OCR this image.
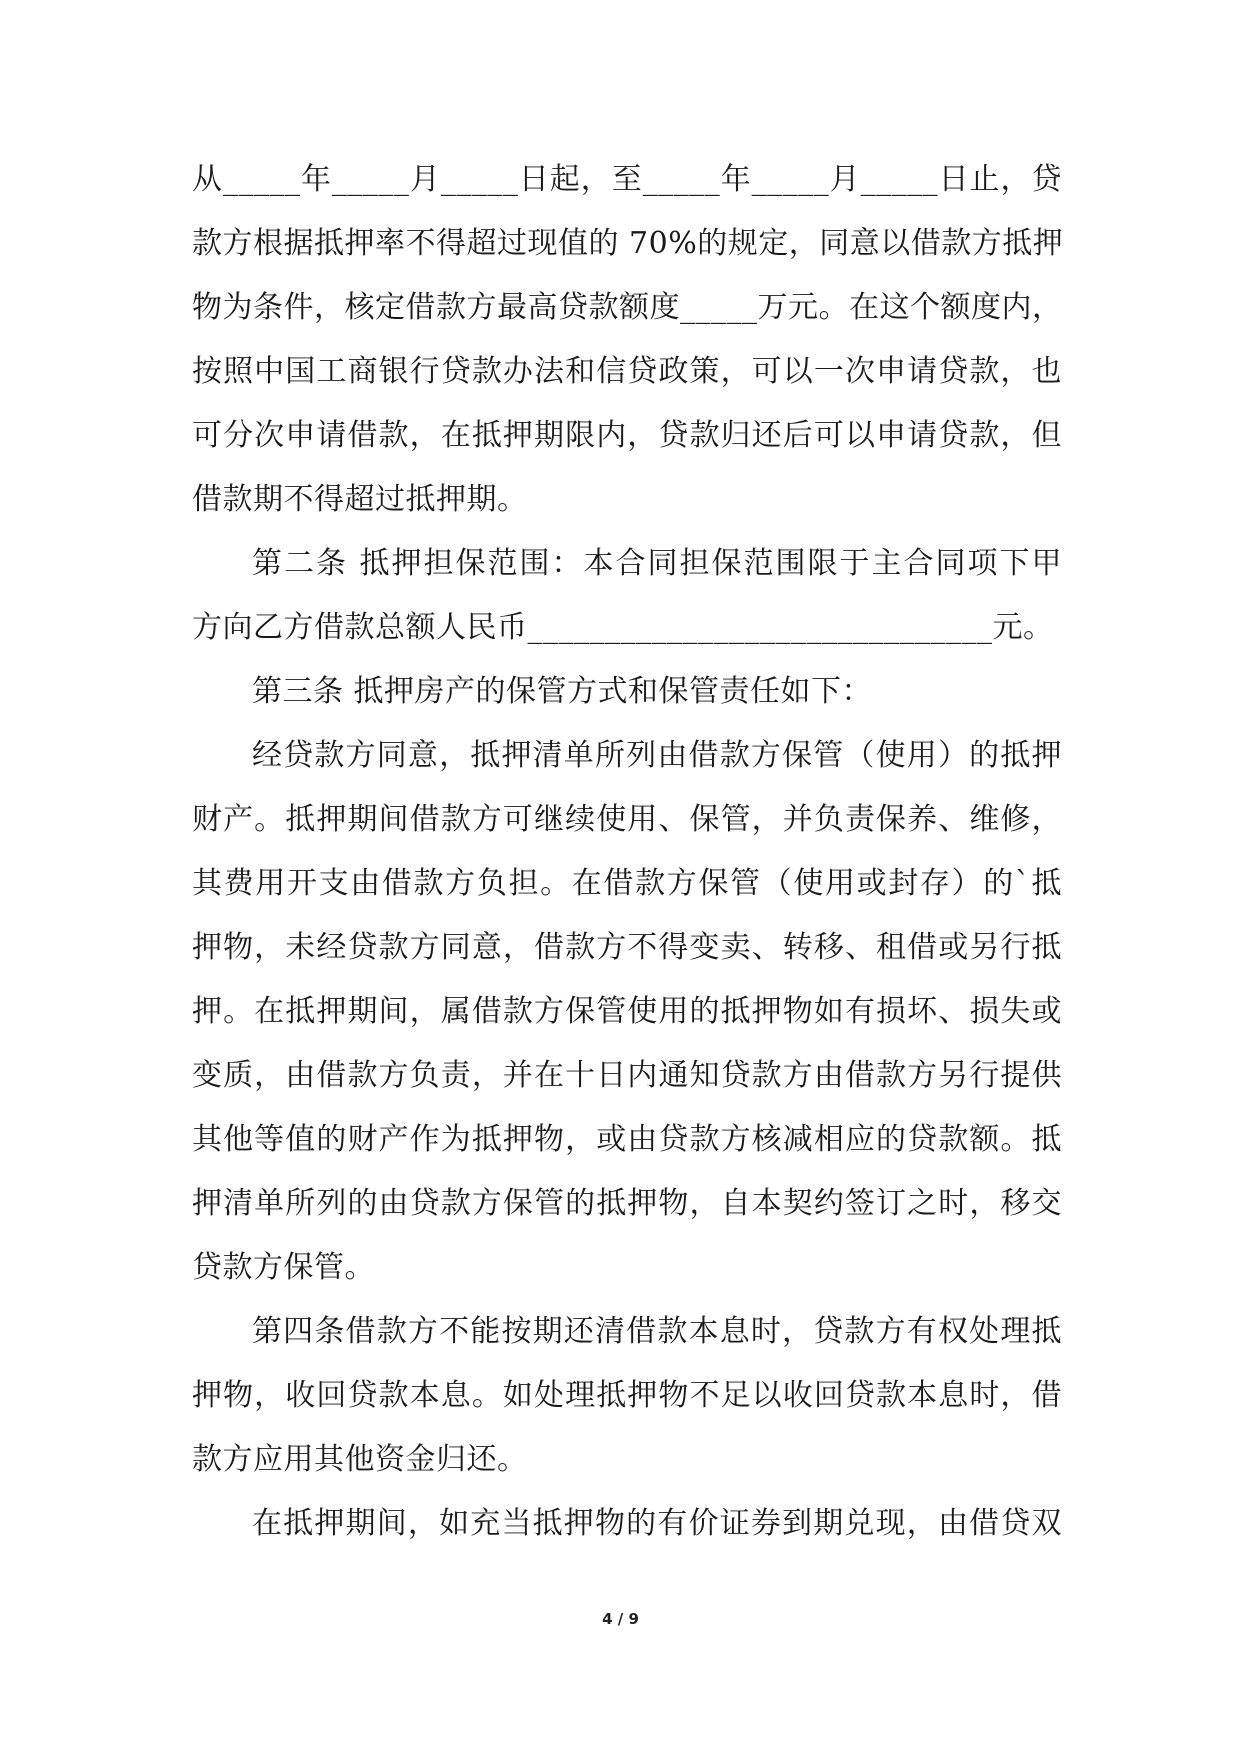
从_____年_____月_____日起，至_____年_____月_____日止，贷
款方根据抵押率不得超过现值的 70%的规定，同意以借款方抵押
物为条件，核定借款方最高贷款额度_____万元。在这个额度内，
按照中国工商银行贷款办法和信贷政策，可以一次申请贷款，也
可分次申请借款，在抵押期限内，贷款归还后可以申请贷款，但
借款期不得超过抵押期。
第二条 抵押担保范围：本合同担保范围限于主合同项下甲
方向乙方借款总额人民币______________________________元。
第三条 抵押房产的保管方式和保管责任如下：
经贷款方同意，抵押清单所列由借款方保管（使用）的抵押
财产。抵押期间借款方可继续使用、保管，并负责保养、维修，
其费用开支由借款方负担。在借款方保管（使用或封存）的`抵
押物，未经贷款方同意，借款方不得变卖、转移、租借或另行抵
押。在抵押期间，属借款方保管使用的抵押物如有损坏、损失或
变质，由借款方负责，并在十日内通知贷款方由借款方另行提供
其他等值的财产作为抵押物，或由贷款方核减相应的贷款额。抵
押清单所列的由贷款方保管的抵押物，自本契约签订之时，移交
贷款方保管。
第四条借款方不能按期还清借款本息时，贷款方有权处理抵
押物，收回贷款本息。如处理抵押物不足以收回贷款本息时，借
款方应用其他资金归还。
在抵押期间，如充当抵押物的有价证券到期兑现，由借贷双
4 / 9
